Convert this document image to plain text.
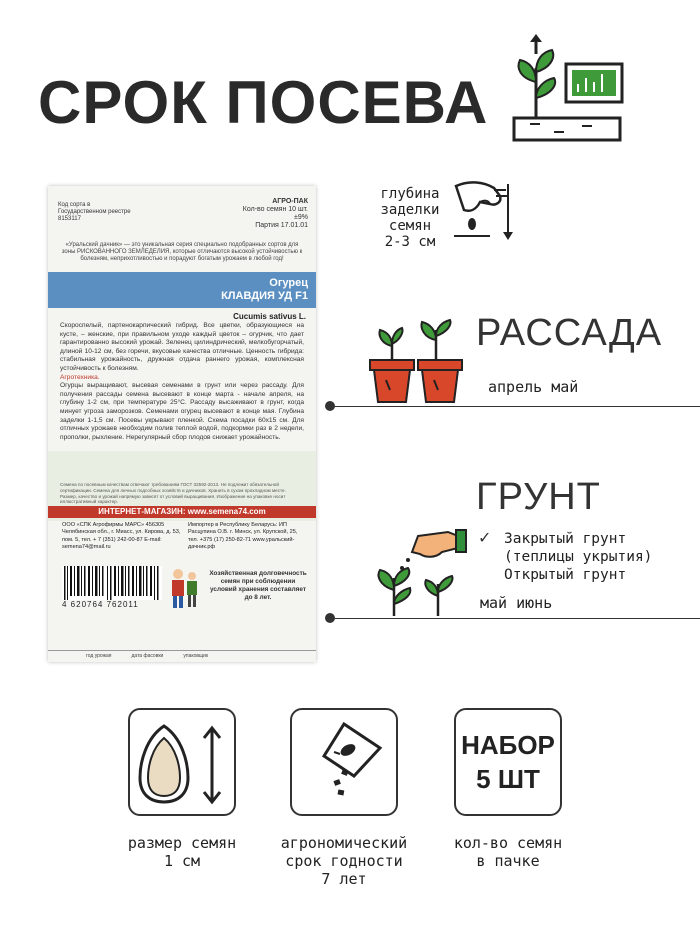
СРОК ПОСЕВА
Код сорта в Государственном реестре 8153117
АГРО-ПАК
Кол-во семян 10 шт. ±9%
Партия 17.01.01
«Уральский дачник» — это уникальная серия специально подобранных сортов для зоны РИСКОВАННОГО ЗЕМЛЕДЕЛИЯ, которые отличаются высокой устойчивостью к болезням, неприхотливостью и порадуют богатым урожаем в любой год!
Огурец
КЛАВДИЯ УД F1
Cucumis sativus L.
Скороспелый, партенокарпический гибрид. Все цветки, образующиеся на кусте, – женские, при правильном уходе каждый цветок – огурчик, что дает гарантированно высокий урожай. Зеленец цилиндрический, мелкобугорчатый, длиной 10-12 см, без горечи, вкусовые качества отличные. Ценность гибрида: стабильная урожайность, дружная отдача раннего урожая, комплексная устойчивость к болезням.
Агротехника.
Огурцы выращивают, высевая семенами в грунт или через рассаду. Для получения рассады семена высевают в конце марта - начале апреля, на глубину 1-2 см, при температуре 25°С. Рассаду высаживают в грунт, когда минует угроза заморозков. Семенами огурец высевают в конце мая. Глубина заделки 1-1,5 см. Посевы укрывают пленкой. Схема посадки 60х15 см. Для отличных урожаев необходим полив теплой водой, подкормки раз в 2 недели, прополки, рыхление. Нерегулярный сбор плодов снижает урожайность.
Семена по посевным качествам отвечают требованиям ГОСТ 32592-2013. Не подлежит обязательной сертификации. Семена для личных подсобных хозяйств и дачников. Хранить в сухом прохладном месте. Размер, качество и урожай напрямую зависят от условий выращивания. Изображение на упаковке носит иллюстративный характер.
ИНТЕРНЕТ-МАГАЗИН: www.semena74.com
ООО «СПК Агрофирмы МАРС» 456305 Челябинская обл., г. Миасс, ул. Кирова, д. 53, пом. 5, тел. + 7 (351) 242-00-87 E-mail: semena74@mail.ru
Импортер в Республику Беларусь: ИП Расцупина О.В. г. Минск, ул. Крупской, 25, тел. +375 (17) 250-82-71 www.уральский-дачник.рф
4 620764 762011
Хозяйственная долговечность семян при соблюдении условий хранения составляет до 8 лет.
год урожая	дата фасовки	упаковщик
глубина
заделки
семян
2-3 см
РАССАДА
апрель май
ГРУНТ
✓ Закрытый грунт
(теплицы укрытия)
Открытый грунт
май июнь
НАБОР
5 ШТ
размер семян
1 см
агрономический
срок годности
7 лет
кол-во семян
в пачке
